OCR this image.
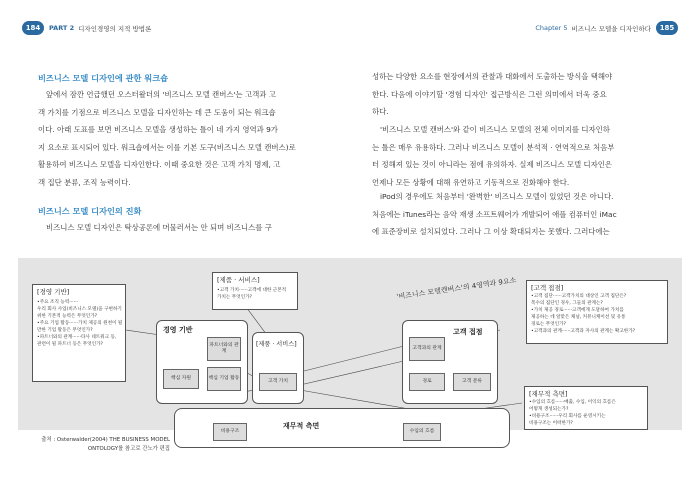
184	PART 2 디자인경영의 지적 방법론
비즈니스 모델 디자인에 관한 워크숍

앞에서 잠깐 언급했던 오스터왈더의 '비즈니스 모델 캔버스'는 고객과 고

객 가치를 기점으로 비즈니스 모델을 디자인하는 데 큰 도움이 되는 워크숍

이다. 아래 도표를 보면 비즈니스 모델을 생성하는 틀이 네 가지 영역과 9가

지 요소로 표시되어 있다. 워크숍에서는 이를 기본 도구(비즈니스 모델 캔버스)로

활용하여 비즈니스 모델을 디자인한다. 이때 중요한 것은 고객 가치 명제, 고

객 집단 분류, 조직 능력이다.

비즈니스 모델 디자인의 진화

비즈니스 모델 디자인은 탁상공론에 머물러서는 안 되며 비즈니스를 구

Chapter 5 비즈니스 모델을 디자인하다	185

성하는 다양한 요소를 현장에서의 관찰과 대화에서 도출하는 방식을 택해야

한다. 다음에 이야기할 '경험 디자인' 접근방식은 그런 의미에서 더욱 중요

하다.

'비즈니스 모델 캔버스'와 같이 비즈니스 모델의 전체 이미지를 디자인하

는 틀은 매우 유용하다. 그러나 비즈니스 모델이 분석적 · 연역적으로 처음부

터 정해져 있는 것이 아니라는 점에 유의하자. 실제 비즈니스 모델 디자인은

언제나 모든 상황에 대해 유연하고 기동적으로 진화해야 한다.

iPod의 경우에도 처음부터 '완벽한' 비즈니스 모델이 있었던 것은 아니다.

처음에는 iTunes라는 음악 재생 소프트웨어가 개발되어 애플 컴퓨터인 iMac

에 표준장비로 설치되었다. 그러나 그 이상 확대되지는 못했다. 그러다에는

[경영 기반]
•주요 조직 능력······
우리 회사 사업(비즈니스 모델)을 구현하기
위한 기본적 능력은 무엇인가?
•주요 기업 활동······가치 제공의 원천이 될
만한 기업 활동은 무엇인가?
•파트너와의 관계······타사 네트워크 등,
관련이 될 파트너 등은 무엇인가?
[제품 · 서비스]
•고객 가치······고객에 대한 근본적
가치는 무엇인가?	'비즈니스 모델캔버스'의 4영역과 9요소	[고객 접점]
•고객 집단······고객가치의 대상인 고객 집단은?
복수의 집단인 경우, 그들의 관계는?
•가치 제공 경로······고객에게 도달하여 가치를
제공하는 데 알맞은 채널, 커뮤니케이션 및 유통
경로는 무엇인가?
•고객과의 관계······고객과 자사의 관계는 확고한가?
[재무적 측면]
•수입의 흐름······매출, 수입, 이익의 흐름은
어떻게 생성되는가?
•비용구조······우리 회사를 운영시키는
비용구조는 어떠한가?
경영 기반
파트너와의 관계
핵심 자원	핵심 기업 활동
[제품 · 서비스]
고객 가치
고객 접점
고객과의 관계
경로	고객 분류
재무적 측면
비용구조	수입의 흐름
출처 : Osterwalder(2004) THE BUSINESS MODEL
ONTOLOGY를 참고로 간노가 편집
